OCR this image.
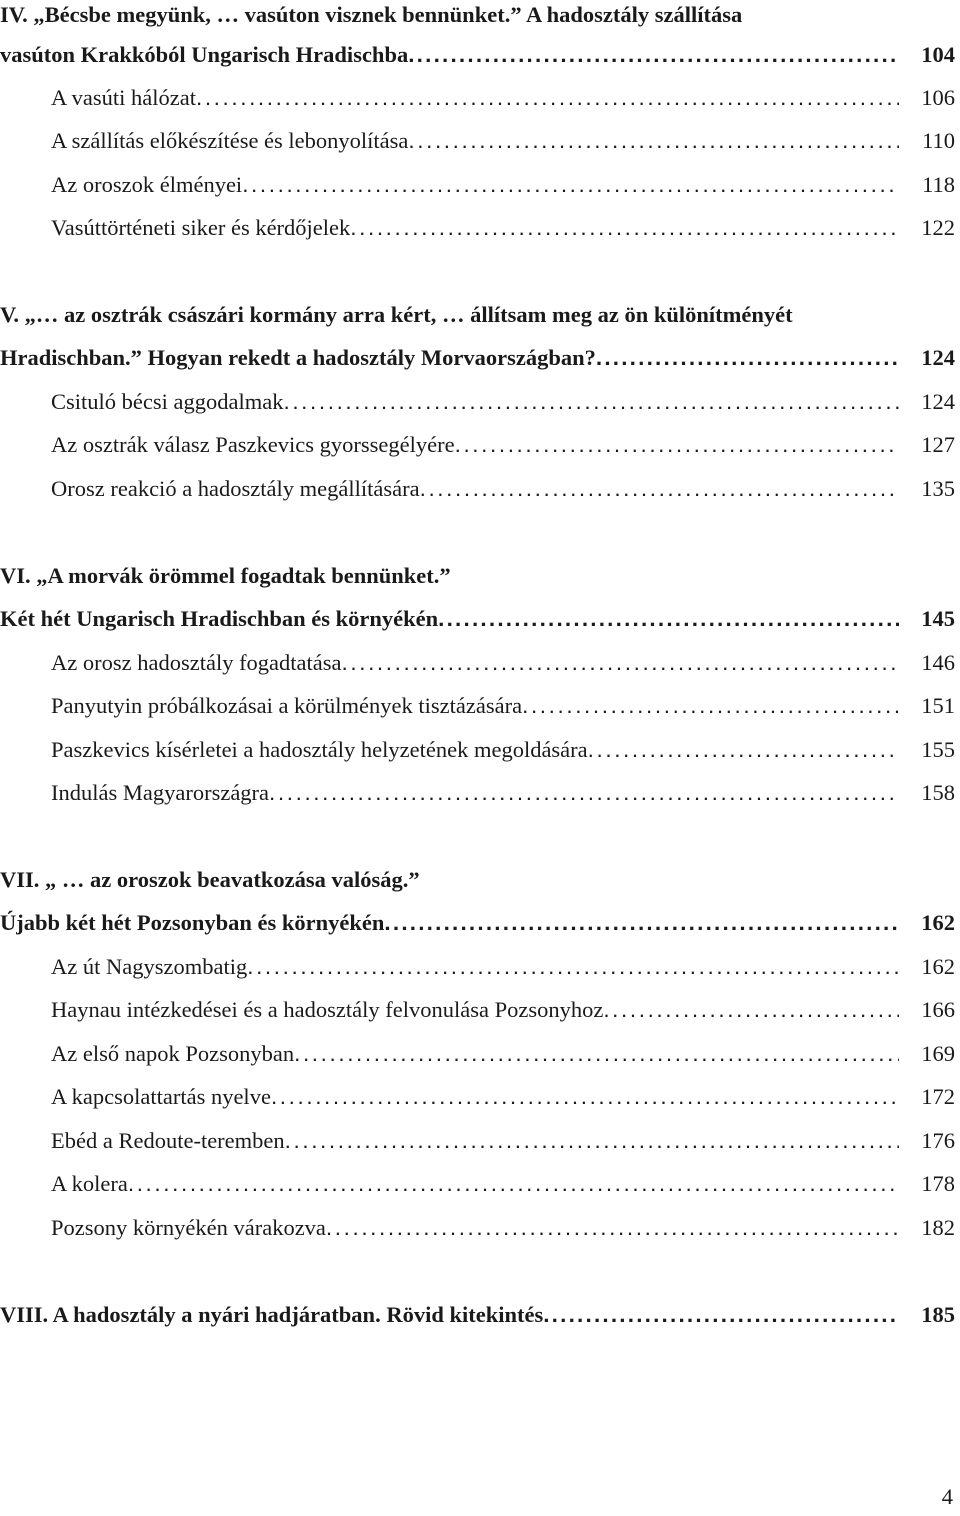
IV. „Bécsbe megyünk, … vasúton visznek bennünket.” A hadosztály szállítása
vasúton Krakkóból Ungarisch Hradischba .....	104
A vasúti hálózat .....	106
A szállítás előkészítése és lebonyolítása .....	110
Az oroszok élményei .....	118
Vasúttörténeti siker és kérdőjelek .....	122
V. „… az osztrák császári kormány arra kért, … állítsam meg az ön különítményét
Hradischban.” Hogyan rekedt a hadosztály Morvaországban? .....	124
Csituló bécsi aggodalmak .....	124
Az osztrák válasz Paszkevics gyorssegélyére .....	127
Orosz reakció a hadosztály megállítására .....	135
VI. „A morvák örömmel fogadtak bennünket.”
Két hét Ungarisch Hradischban és környékén .....	145
Az orosz hadosztály fogadtatása .....	146
Panyutyin próbálkozásai a körülmények tisztázására .....	151
Paszkevics kísérletei a hadosztály helyzetének megoldására .....	155
Indulás Magyarországra .....	158
VII. „ … az oroszok beavatkozása valóság.”
Újabb két hét Pozsonyban és környékén .....	162
Az út Nagyszombatig .....	162
Haynau intézkedései és a hadosztály felvonulása Pozsonyhoz .....	166
Az első napok Pozsonyban .....	169
A kapcsolattartás nyelve .....	172
Ebéd a Redoute-teremben .....	176
A kolera .....	178
Pozsony környékén várakozva .....	182
VIII. A hadosztály a nyári hadjáratban. Rövid kitekintés .....	185
4
